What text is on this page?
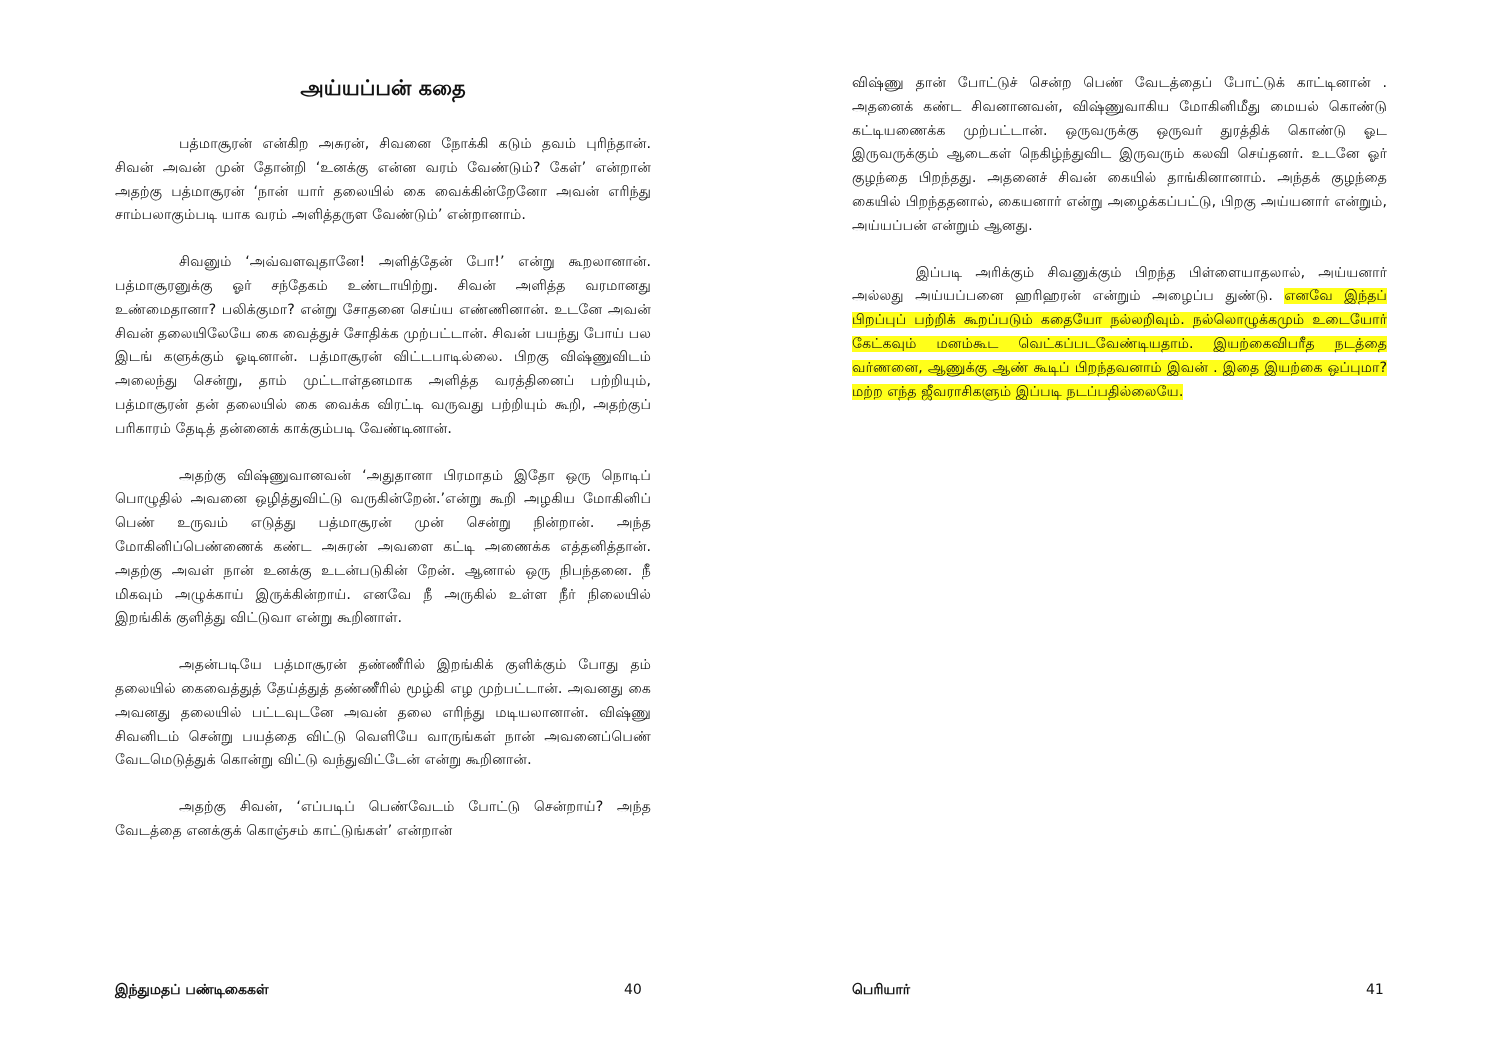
அய்யப்பன் கதை

பத்மாசூரன் என்கிற அசுரன், சிவனை நோக்கி கடும் தவம் புரிந்தான். சிவன் அவன் முன் தோன்றி ‘உனக்கு என்ன வரம் வேண்டும்? கேள்’ என்றான் அதற்கு பத்மாசூரன் ‘நான் யார் தலையில் கை வைக்கின்றேனோ அவன் எரிந்து சாம்பலாகும்படி யாக வரம் அளித்தருள வேண்டும்’ என்றானாம்.

சிவனும் ‘அவ்வளவுதானே! அளித்தேன் போ!’ என்று கூறலானான். பத்மாசூரனுக்கு ஓர் சந்தேகம் உண்டாயிற்று. சிவன் அளித்த வரமானது உண்மைதானா? பலிக்குமா? என்று சோதனை செய்ய எண்ணினான். உடனே அவன் சிவன் தலையிலேயே கை வைத்துச் சோதிக்க முற்பட்டான். சிவன் பயந்து போய் பல இடங் களுக்கும் ஓடினான். பத்மாசூரன் விட்டபாடில்லை. பிறகு விஷ்ணுவிடம் அலைந்து சென்று, தாம் முட்டாள்தனமாக அளித்த வரத்தினைப் பற்றியும், பத்மாசூரன் தன் தலையில் கை வைக்க விரட்டி வருவது பற்றியும் கூறி, அதற்குப் பரிகாரம் தேடித் தன்னைக் காக்கும்படி வேண்டினான்.

அதற்கு விஷ்ணுவானவன் ‘அதுதானா பிரமாதம் இதோ ஒரு நொடிப் பொழுதில் அவனை ஒழித்துவிட்டு வருகின்றேன்.’என்று கூறி அழகிய மோகினிப் பெண் உருவம் எடுத்து பத்மாசூரன் முன் சென்று நின்றான். அந்த மோகினிப்பெண்ணைக் கண்ட அசுரன் அவளை கட்டி அணைக்க எத்தனித்தான். அதற்கு அவள் நான் உனக்கு உடன்படுகின் றேன். ஆனால் ஒரு நிபந்தனை. நீ மிகவும் அழுக்காய் இருக்கின்றாய். எனவே நீ அருகில் உள்ள நீர் நிலையில் இறங்கிக் குளித்து விட்டுவா என்று கூறினாள்.

அதன்படியே பத்மாசூரன் தண்ணீரில் இறங்கிக் குளிக்கும் போது தம் தலையில் கைவைத்துத் தேய்த்துத் தண்ணீரில் மூழ்கி எழ முற்பட்டான். அவனது கை அவனது தலையில் பட்டவுடனே அவன் தலை எரிந்து மடியலானான். விஷ்ணு சிவனிடம் சென்று பயத்தை விட்டு வெளியே வாருங்கள் நான் அவனைப்பெண் வேடமெடுத்துக் கொன்று விட்டு வந்துவிட்டேன் என்று கூறினான்.

அதற்கு சிவன், ‘எப்படிப் பெண்வேடம் போட்டு சென்றாய்? அந்த வேடத்தை எனக்குக் கொஞ்சம் காட்டுங்கள்’ என்றான்

இந்துமதப் பண்டிகைகள்	40

விஷ்ணு தான் போட்டுச் சென்ற பெண் வேடத்தைப் போட்டுக் காட்டினான் . அதனைக் கண்ட சிவனானவன், விஷ்ணுவாகிய மோகினிமீது மையல் கொண்டு கட்டியணைக்க முற்பட்டான். ஒருவருக்கு ஒருவர் துரத்திக் கொண்டு ஓட இருவருக்கும் ஆடைகள் நெகிழ்ந்துவிட இருவரும் கலவி செய்தனர். உடனே ஓர் குழந்தை பிறந்தது. அதனைச் சிவன் கையில் தாங்கினானாம். அந்தக் குழந்தை கையில் பிறந்ததனால், கையனார் என்று அழைக்கப்பட்டு, பிறகு அய்யனார் என்றும், அய்யப்பன் என்றும் ஆனது.

இப்படி அரிக்கும் சிவனுக்கும் பிறந்த பிள்ளையாதலால், அய்யனார் அல்லது அய்யப்பனை ஹரிஹரன் என்றும் அழைப்ப துண்டு. எனவே இந்தப் பிறப்புப் பற்றிக் கூறப்படும் கதையோ நல்லறிவும். நல்லொழுக்கமும் உடையோர் கேட்கவும் மனம்கூட வெட்கப்படவேண்டியதாம். இயற்கைவிபரீத நடத்தை வர்ணனை, ஆணுக்கு ஆண் கூடிப் பிறந்தவனாம் இவன் . இதை இயற்கை ஒப்புமா? மற்ற எந்த ஜீவராசிகளும் இப்படி நடப்பதில்லையே.

பெரியார்	41
